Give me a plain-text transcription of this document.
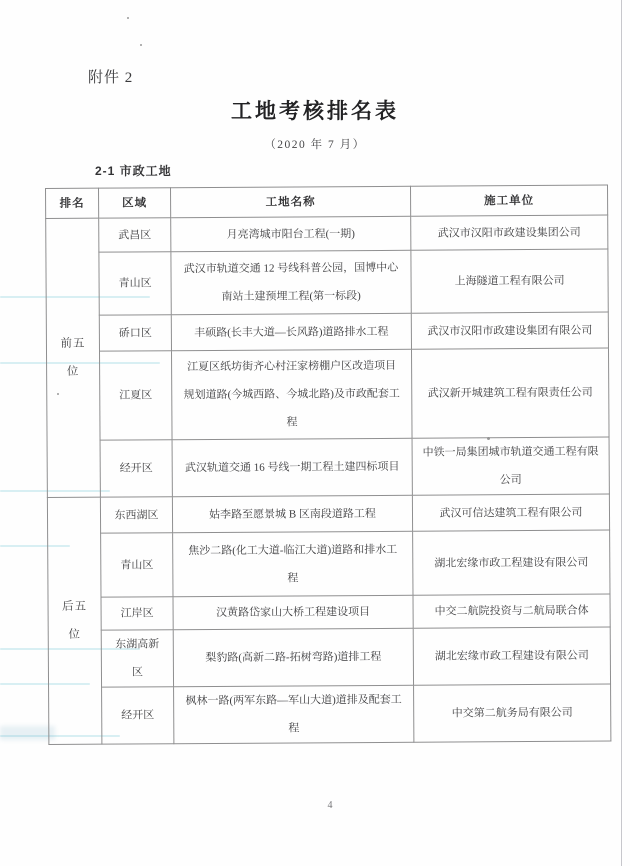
附件 2
工地考核排名表
（2020 年 7 月）
2-1 市政工地
排名	区域	工地名称	施工单位
前五位	武昌区	月亮湾城市阳台工程(一期)	武汉市汉阳市政建设集团公司
	青山区	武汉市轨道交通 12 号线科普公园，国博中心南站土建预埋工程(第一标段)	上海隧道工程有限公司
	硚口区	丰硕路(长丰大道—长风路)道路排水工程	武汉市汉阳市政建设集团有限公司
	江夏区	江夏区纸坊街齐心村汪家榜棚户区改造项目规划道路(今城西路、今城北路)及市政配套工程	武汉新开城建筑工程有限责任公司
	经开区	武汉轨道交通 16 号线一期工程土建四标项目	中铁一局集团城市轨道交通工程有限公司
后五位	东西湖区	姑李路至愿景城 B 区南段道路工程	武汉可信达建筑工程有限公司
	青山区	焦沙二路(化工大道-临江大道)道路和排水工程	湖北宏缘市政工程建设有限公司
	江岸区	汉黄路岱家山大桥工程建设项目	中交二航院投资与二航局联合体
	东湖高新区	梨豹路(高新二路-拓树弯路)道排工程	湖北宏缘市政工程建设有限公司
	经开区	枫林一路(两军东路—军山大道)道排及配套工程	中交第二航务局有限公司
4
